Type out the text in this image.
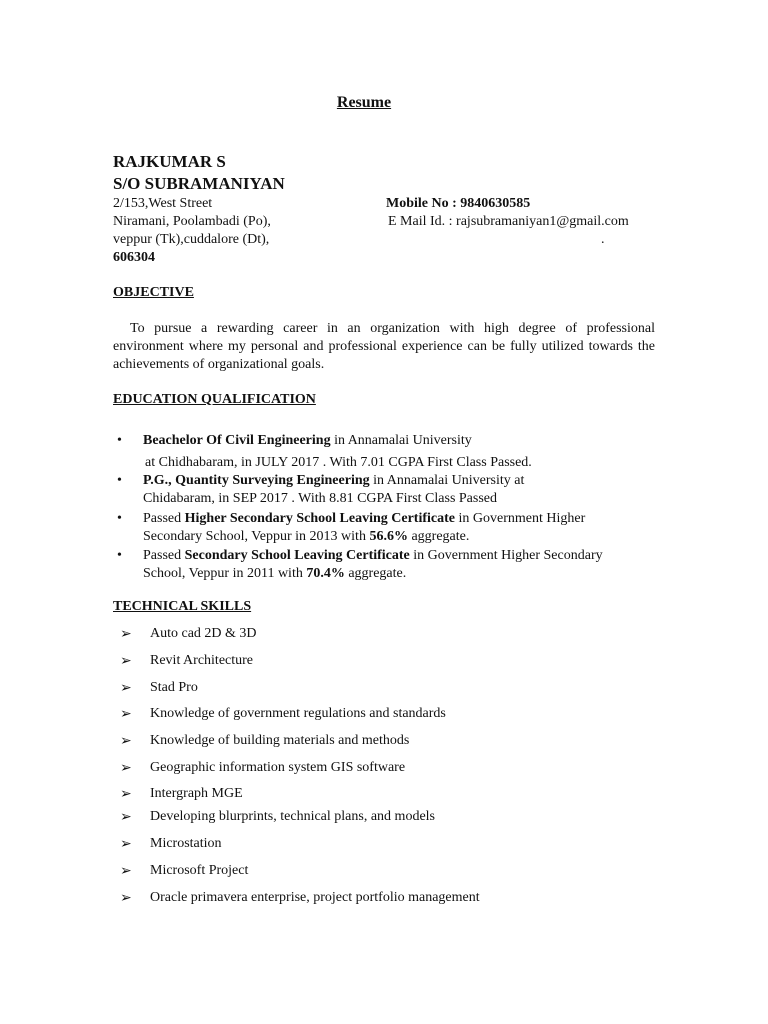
Resume
RAJKUMAR S
S/O SUBRAMANIYAN
2/153,West Street
Niramani, Poolambadi (Po),
veppur (Tk),cuddalore (Dt),
606304
Mobile No : 9840630585
E Mail Id. : rajsubramaniyan1@gmail.com
.
OBJECTIVE
To pursue a rewarding career in an organization with high degree of professional environment where my personal and professional experience can be fully utilized towards the achievements of organizational goals.
EDUCATION QUALIFICATION
•	Beachelor Of Civil Engineering in Annamalai University
at Chidhabaram, in JULY 2017 . With 7.01 CGPA First Class Passed.
•	P.G., Quantity Surveying Engineering in Annamalai University at
Chidabaram, in SEP 2017 . With 8.81 CGPA First Class Passed
•	Passed Higher Secondary School Leaving Certificate in Government Higher
Secondary School, Veppur in 2013 with 56.6% aggregate.
•	Passed Secondary School Leaving Certificate in Government Higher Secondary
School, Veppur in 2011 with 70.4% aggregate.
TECHNICAL SKILLS
➢ Auto cad 2D & 3D
➢ Revit Architecture
➢ Stad Pro
➢ Knowledge of government regulations and standards
➢ Knowledge of building materials and methods
➢ Geographic information system GIS software
➢ Intergraph MGE
➢ Developing blurprints, technical plans, and models
➢ Microstation
➢ Microsoft Project
➢ Oracle primavera enterprise, project portfolio management
